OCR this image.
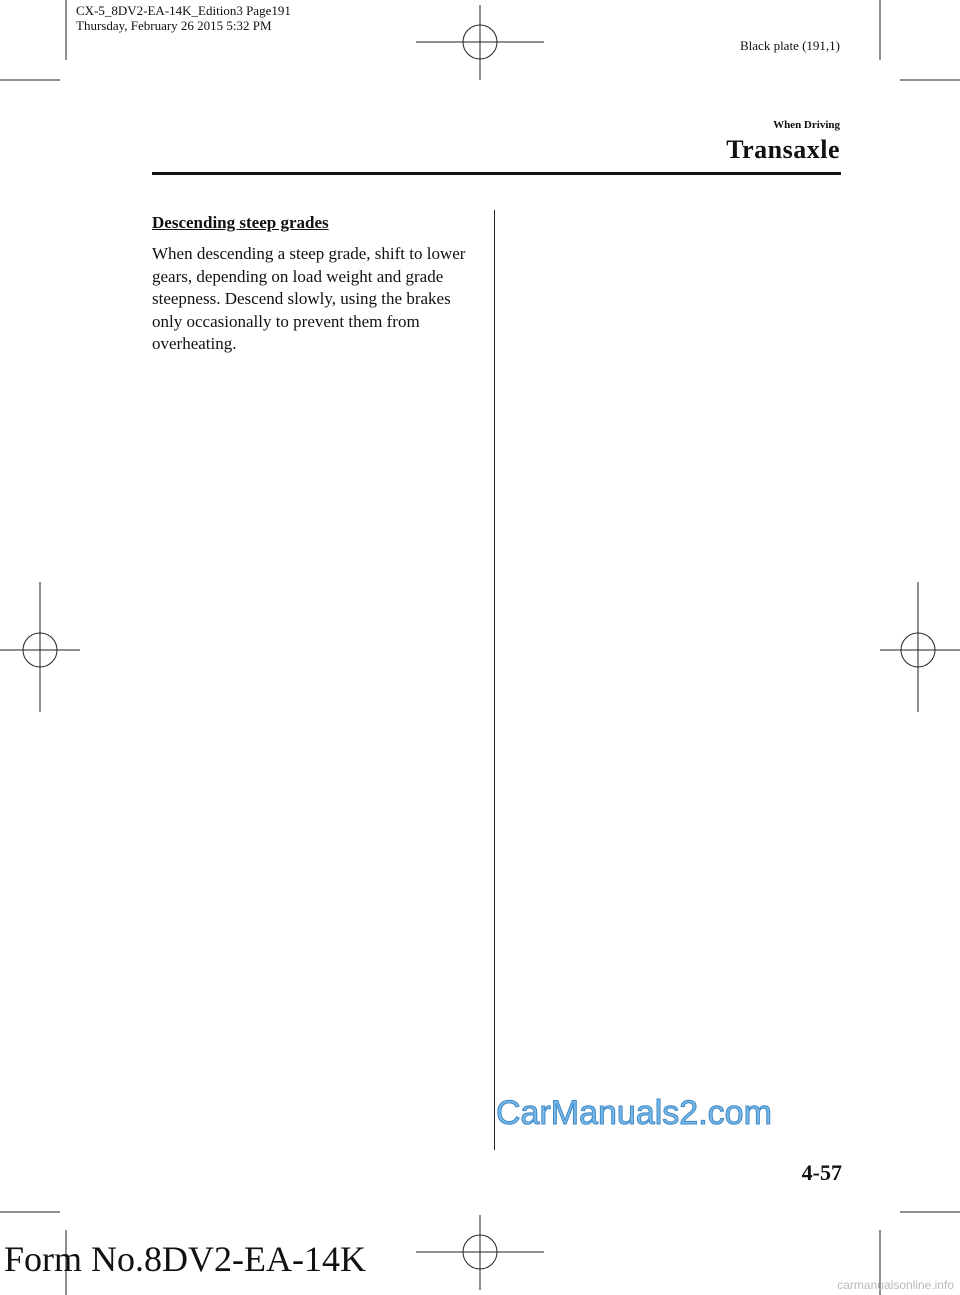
CX-5_8DV2-EA-14K_Edition3 Page191
Thursday, February 26 2015 5:32 PM
Black plate (191,1)
When Driving
Transaxle
Descending steep grades
When descending a steep grade, shift to lower gears, depending on load weight and grade steepness. Descend slowly, using the brakes only occasionally to prevent them from overheating.
CarManuals2.com
4-57
Form No.8DV2-EA-14K
carmanualsonline.info
